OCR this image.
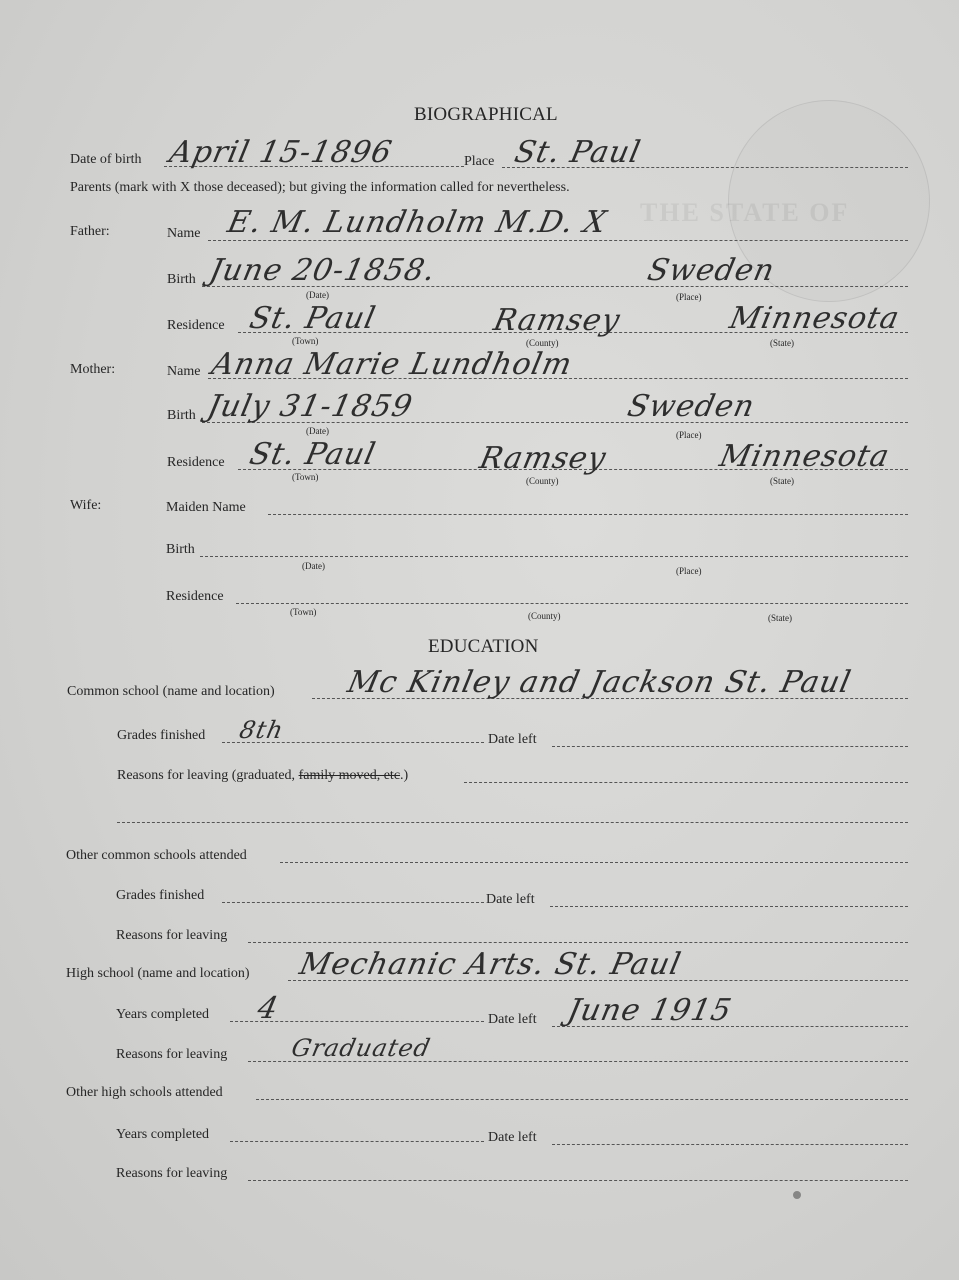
THE STATE OF
BIOGRAPHICAL
Date of birth April 15-1896	Place St. Paul
Parents (mark with X those deceased); but giving the information called for nevertheless.
Father:	Name E. M. Lundholm M.D. X
Birth June 20-1858.	Sweden
(Date)	(Place)
Residence St. Paul	Ramsey	Minnesota
(Town)	(County)	(State)
Mother:	Name Anna Marie Lundholm
Birth July 31-1859	Sweden
(Date)	(Place)
Residence St. Paul	Ramsey	Minnesota
(Town)	(County)	(State)
Wife:	Maiden Name
Birth
(Date)	(Place)
Residence
(Town)	(County)	(State)
EDUCATION
Common school (name and location) Mc Kinley and Jackson St. Paul
Grades finished 8th	Date left
Reasons for leaving (graduated, family moved, etc.)
Other common schools attended
Grades finished	Date left
Reasons for leaving
High school (name and location) Mechanic Arts. St. Paul
Years completed 4	Date left June 1915
Reasons for leaving	Graduated
Other high schools attended
Years completed	Date left
Reasons for leaving
